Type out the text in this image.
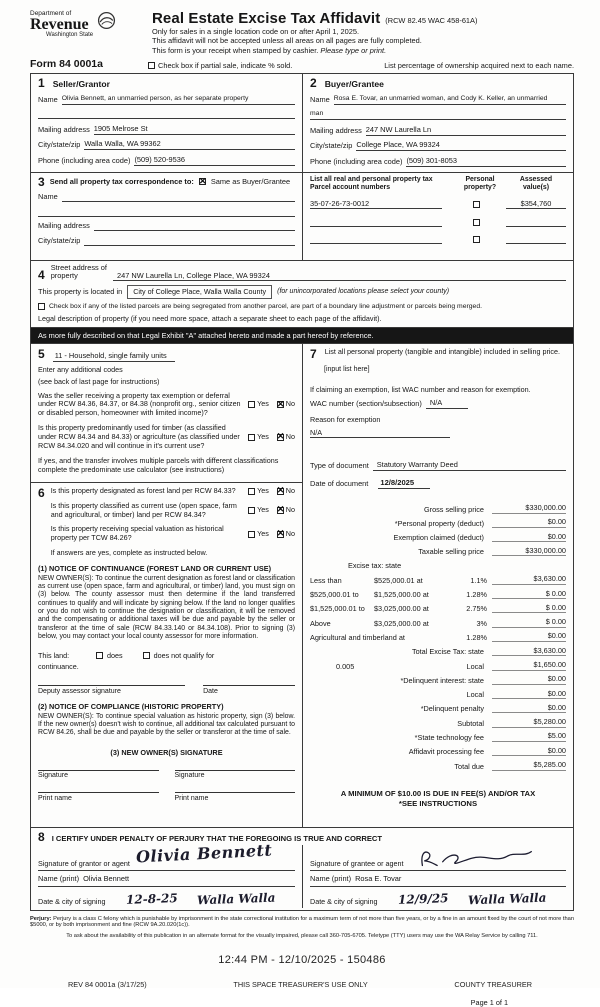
Department of
Revenue
Washington State
Real Estate Excise Tax Affidavit (RCW 82.45 WAC 458-61A)
Only for sales in a single location code on or after April 1, 2025.
This affidavit will not be accepted unless all areas on all pages are fully completed.
This form is your receipt when stamped by cashier. Please type or print.
Form 84 0001a	Check box if partial sale, indicate % sold.	List percentage of ownership acquired next to each name.
1 Seller/Grantor
Name Olivia Bennett, an unmarried person, as her separate property
Mailing address 1905 Melrose St
City/state/zip Walla Walla, WA 99362
Phone (including area code) (509) 520-9536
2 Buyer/Grantee
Name Rosa E. Tovar, an unmarried woman, and Cody K. Keller, an unmarried
man
Mailing address 247 NW Laurella Ln
City/state/zip College Place, WA 99324
Phone (including area code) (509) 301-8053
3 Send all property tax correspondence to: ✕ Same as Buyer/Grantee
Name
Mailing address
City/state/zip
List all real and personal property tax
Parcel account numbers
Personal
property?
Assessed
value(s)
35-07-26-73-0012	$354,760
4
Street address of
property	247 NW Laurella Ln, College Place, WA 99324
This property is located in	City of College Place, Walla Walla County	(for unincorporated locations please select your county)
Check box if any of the listed parcels are being segregated from another parcel, are part of a boundary line adjustment or parcels being merged.
Legal description of property (if you need more space, attach a separate sheet to each page of the affidavit).
As more fully described on that Legal Exhibit "A" attached hereto and made a part hereof by reference.
5 11 - Household, single family units
Enter any additional codes
(see back of last page for instructions)
Was the seller receiving a property tax exemption or deferral under RCW 84.36, 84.37, or 84.38 (nonprofit org., senior citizen or disabled person, homeowner with limited income)?
Yes ✕ No
Is this property predominantly used for timber (as classified under RCW 84.34 and 84.33) or agriculture (as classified under RCW 84.34.020 and will continue in it's current use?
Yes ✕ No
If yes, and the transfer involves multiple parcels with different classifications complete the predominate use calculator (see instructions)
6 Is this property designated as forest land per RCW 84.33?	Yes ✕ No
Is this property classified as current use (open space, farm and agricultural, or timber) land per RCW 84.34?	Yes ✕ No
Is this property receiving special valuation as historical property per TCW 84.26?	Yes ✕ No
If answers are yes, complete as instructed below.
(1) NOTICE OF CONTINUANCE (FOREST LAND OR CURRENT USE)
NEW OWNER(S): To continue the current designation as forest land or classification as current use (open space, farm and agricultural, or timber) land, you must sign on (3) below. The county assessor must then determine if the land transferred continues to qualify and will indicate by signing below. If the land no longer qualifies or you do not wish to continue the designation or classification, it will be removed and the compensating or additional taxes will be due and payable by the seller or transferor at the time of sale (RCW 84.33.140 or 84.34.108). Prior to signing (3) below, you may contact your local county assessor for more information.
This land:	does	does not qualify for
continuance.
Deputy assessor signature	Date
(2) NOTICE OF COMPLIANCE (HISTORIC PROPERTY)
NEW OWNER(S): To continue special valuation as historic property, sign (3) below. If the new owner(s) doesn't wish to continue, all additional tax calculated pursuant to RCW 84.26, shall be due and payable by the seller or transferor at the time of sale.
(3) NEW OWNER(S) SIGNATURE
Signature	Signature
Print name	Print name
7 List all personal property (tangible and intangible) included in selling price.
[input list here]
If claiming an exemption, list WAC number and reason for exemption.
WAC number (section/subsection)	N/A
Reason for exemption
N/A
Type of document	Statutory Warranty Deed
Date of document 12/8/2025
Gross selling price	$330,000.00
*Personal property (deduct)	$0.00
Exemption claimed (deduct)	$0.00
Taxable selling price	$330,000.00
Excise tax: state
Less than	$525,000.01 at	1.1%	$3,630.00
$525,000.01 to	$1,525,000.00 at	1.28%	$ 0.00
$1,525,000.01 to	$3,025,000.00 at	2.75%	$ 0.00
Above	$3,025,000.00 at	3%	$ 0.00
Agricultural and timberland at	1.28%	$0.00
Total Excise Tax: state	$3,630.00
0.005	Local	$1,650.00
*Delinquent interest: state	$0.00
Local	$0.00
*Delinquent penalty	$0.00
Subtotal	$5,280.00
*State technology fee	$5.00
Affidavit processing fee	$0.00
Total due	$5,285.00
A MINIMUM OF $10.00 IS DUE IN FEE(S) AND/OR TAX
*SEE INSTRUCTIONS
8 I CERTIFY UNDER PENALTY OF PERJURY THAT THE FOREGOING IS TRUE AND CORRECT
Signature of grantor or agent Olivia Bennett
Name (print) Olivia Bennett
Date & city of signing 12-8-25 Walla Walla
Signature of grantee or agent
Name (print) Rosa E. Tovar
Date & city of signing 12/9/25 Walla Walla
Perjury: Perjury is a class C felony which is punishable by imprisonment in the state correctional institution for a maximum term of not more than five years, or by a fine in an amount fixed by the court of not more than $5000, or by both imprisonment and fine (RCW 9A.20.020(1c)).
To ask about the availability of this publication in an alternate format for the visually impaired, please call 360-705-6705. Teletype (TTY) users may use the WA Relay Service by calling 711.
12:44 PM - 12/10/2025 - 150486
REV 84 0001a (3/17/25)	THIS SPACE TREASURER'S USE ONLY	COUNTY TREASURER
Page 1 of 1
